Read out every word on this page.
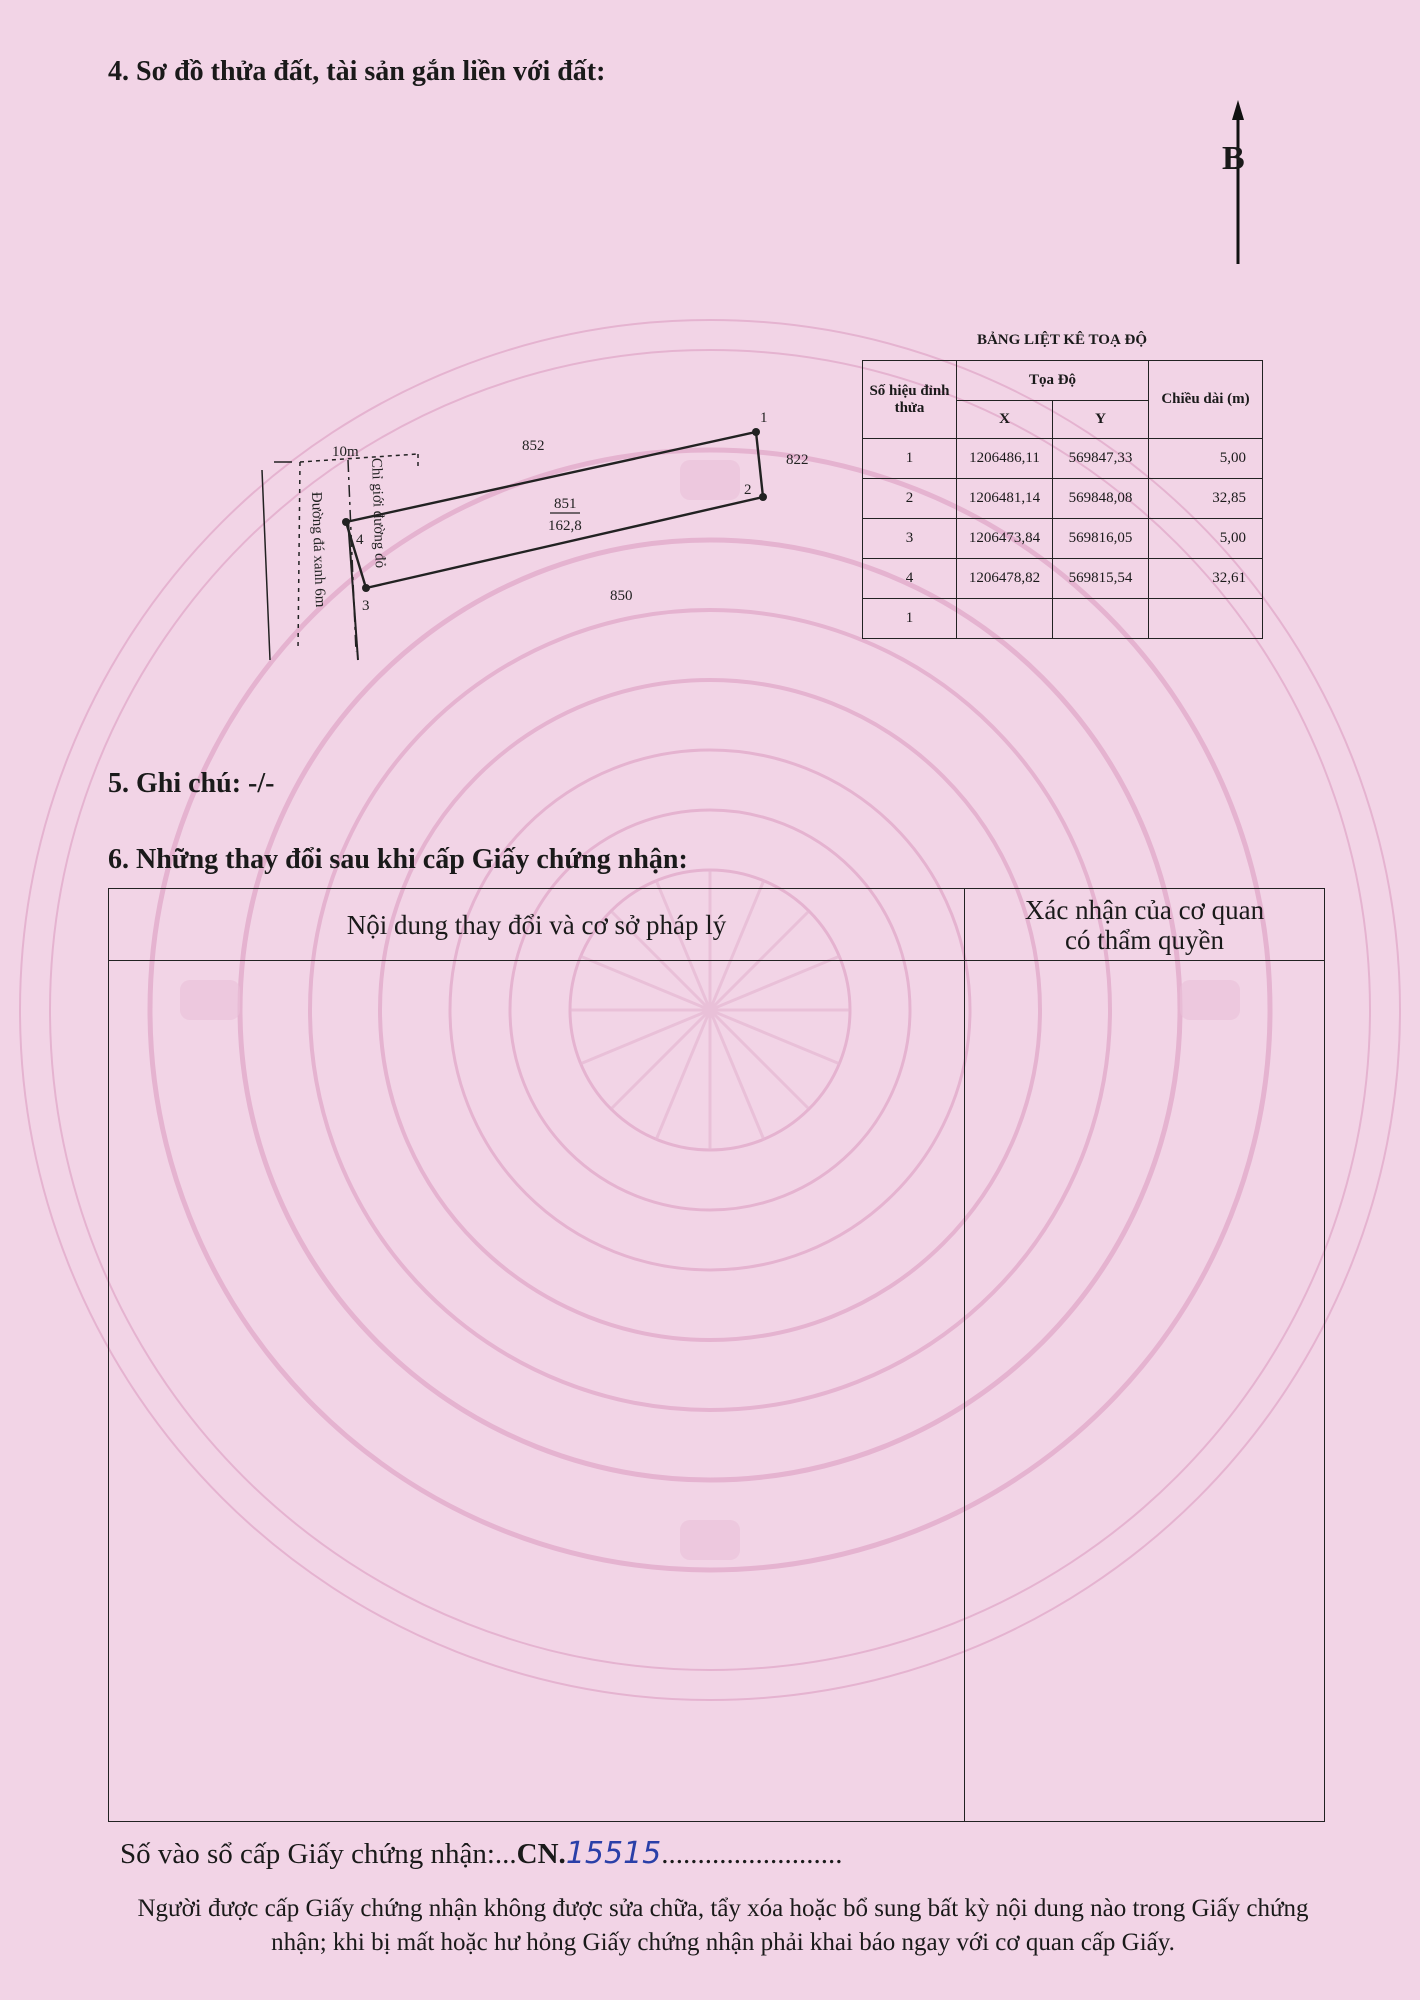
4. Sơ đồ thửa đất, tài sản gắn liền với đất:
B
10m	852
822
850
851
162,8
1
2
3
4
Đường đá xanh 6m	Chỉ giới đường đỏ
BẢNG LIỆT KÊ TOẠ ĐỘ
Số hiệu đỉnh thửa	Tọa Độ		Chiều dài (m)
	X	Y	
1	1206486,11	569847,33	5,00
2	1206481,14	569848,08	32,85
3	1206473,84	569816,05	5,00
4	1206478,82	569815,54	32,61
1			
5. Ghi chú: -/-
6. Những thay đổi sau khi cấp Giấy chứng nhận:
Nội dung thay đổi và cơ sở pháp lý	Xác nhận của cơ quan
có thẩm quyền

Số vào sổ cấp Giấy chứng nhận:...CN.15515.........................
Người được cấp Giấy chứng nhận không được sửa chữa, tẩy xóa hoặc bổ sung bất kỳ nội dung nào trong Giấy chứng nhận; khi bị mất hoặc hư hỏng Giấy chứng nhận phải khai báo ngay với cơ quan cấp Giấy.
